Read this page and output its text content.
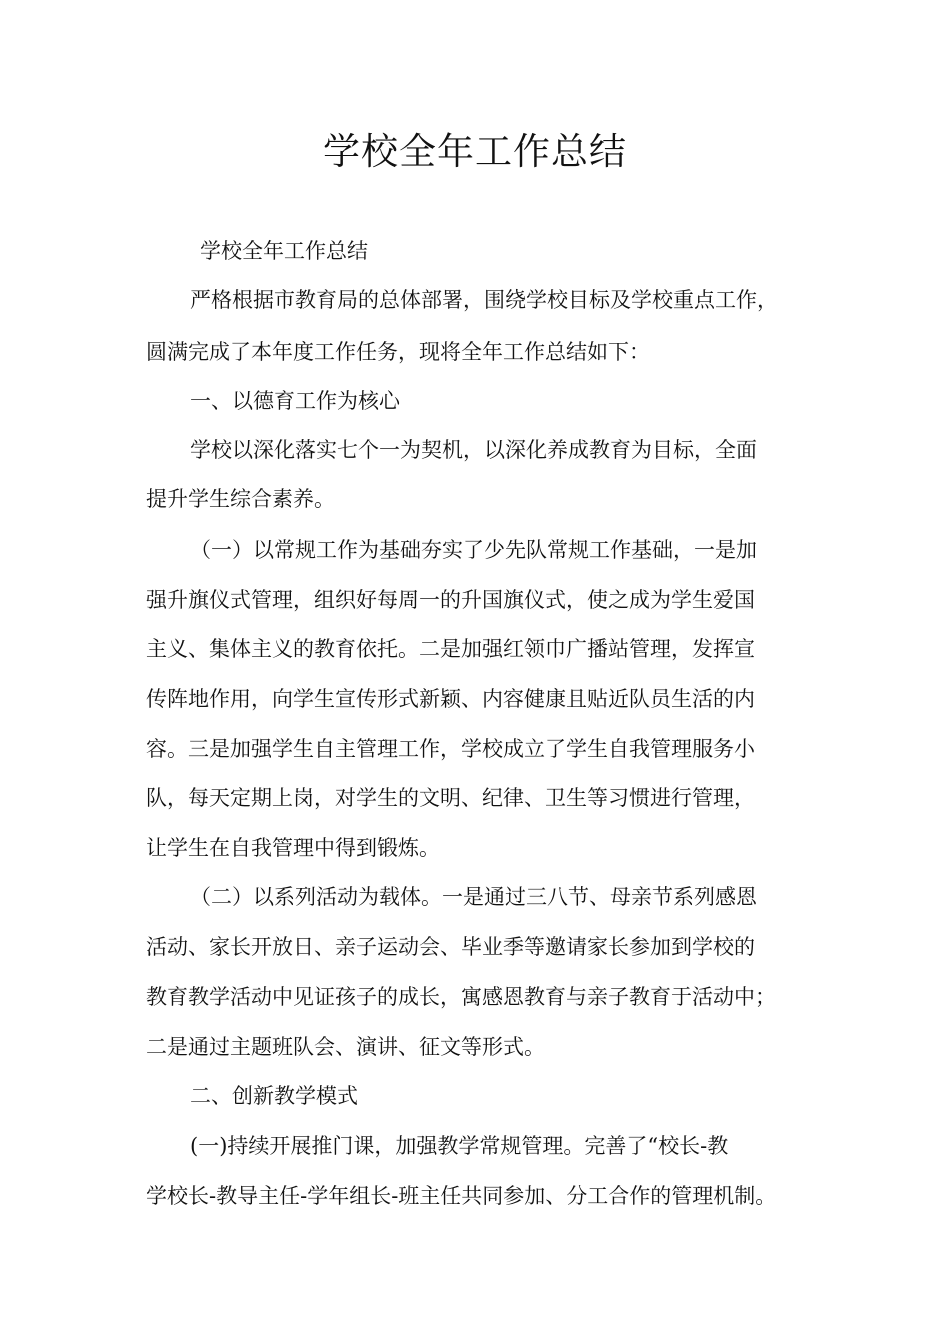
学校全年工作总结

学校全年工作总结

严格根据市教育局的总体部署，围绕学校目标及学校重点工作，

圆满完成了本年度工作任务，现将全年工作总结如下：

一、以德育工作为核心

学校以深化落实七个一为契机，以深化养成教育为目标，全面

提升学生综合素养。

（一）以常规工作为基础夯实了少先队常规工作基础，一是加

强升旗仪式管理，组织好每周一的升国旗仪式，使之成为学生爱国

主义、集体主义的教育依托。二是加强红领巾广播站管理，发挥宣

传阵地作用，向学生宣传形式新颖、内容健康且贴近队员生活的内

容。三是加强学生自主管理工作，学校成立了学生自我管理服务小

队，每天定期上岗，对学生的文明、纪律、卫生等习惯进行管理，

让学生在自我管理中得到锻炼。

（二）以系列活动为载体。一是通过三八节、母亲节系列感恩

活动、家长开放日、亲子运动会、毕业季等邀请家长参加到学校的

教育教学活动中见证孩子的成长，寓感恩教育与亲子教育于活动中；

二是通过主题班队会、演讲、征文等形式。

二、创新教学模式

(一)持续开展推门课，加强教学常规管理。完善了“校长-教

学校长-教导主任-学年组长-班主任共同参加、分工合作的管理机制。
